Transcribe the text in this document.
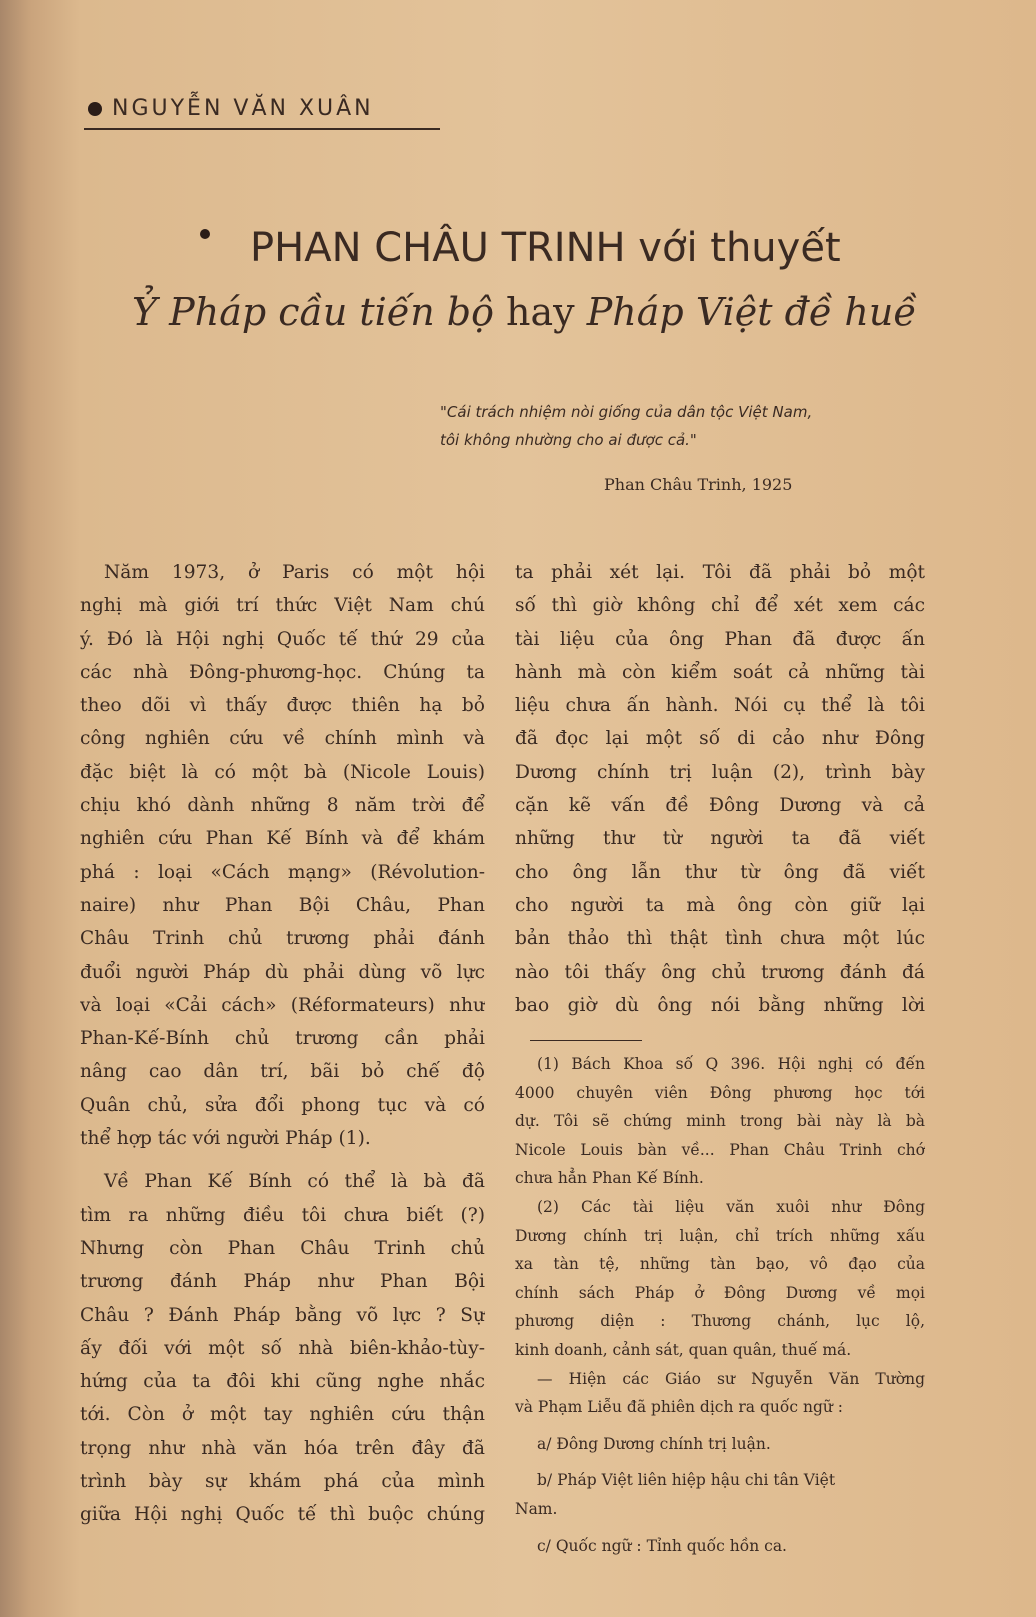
NGUYỄN VĂN XUÂN
PHAN CHÂU TRINH với thuyết
Ỷ Pháp cầu tiến bộ hay Pháp Việt đề huề
"Cái trách nhiệm nòi giống của dân tộc Việt Nam,
tôi không nhường cho ai được cả."
Phan Châu Trinh, 1925

Năm 1973, ở Paris có một hội
nghị mà giới trí thức Việt Nam chú
ý. Đó là Hội nghị Quốc tế thứ 29 của
các nhà Đông-phương-học. Chúng ta
theo dõi vì thấy được thiên hạ bỏ
công nghiên cứu về chính mình và
đặc biệt là có một bà (Nicole Louis)
chịu khó dành những 8 năm trời để
nghiên cứu Phan Kế Bính và để khám
phá : loại «Cách mạng» (Révolution-
naire) như Phan Bội Châu, Phan
Châu Trinh chủ trương phải đánh
đuổi người Pháp dù phải dùng võ lực
và loại «Cải cách» (Réformateurs) như
Phan-Kế-Bính chủ trương cần phải
nâng cao dân trí, bãi bỏ chế độ
Quân chủ, sửa đổi phong tục và có
thể hợp tác với người Pháp (1).

Về Phan Kế Bính có thể là bà đã
tìm ra những điều tôi chưa biết (?)
Nhưng còn Phan Châu Trinh chủ
trương đánh Pháp như Phan Bội
Châu ? Đánh Pháp bằng võ lực ? Sự
ấy đối với một số nhà biên-khảo-tùy-
hứng của ta đôi khi cũng nghe nhắc
tới. Còn ở một tay nghiên cứu thận
trọng như nhà văn hóa trên đây đã
trình bày sự khám phá của mình
giữa Hội nghị Quốc tế thì buộc chúng

ta phải xét lại. Tôi đã phải bỏ một
số thì giờ không chỉ để xét xem các
tài liệu của ông Phan đã được ấn
hành mà còn kiểm soát cả những tài
liệu chưa ấn hành. Nói cụ thể là tôi
đã đọc lại một số di cảo như Đông
Dương chính trị luận (2), trình bày
cặn kẽ vấn đề Đông Dương và cả
những thư từ người ta đã viết
cho ông lẫn thư từ ông đã viết
cho người ta mà ông còn giữ lại
bản thảo thì thật tình chưa một lúc
nào tôi thấy ông chủ trương đánh đá
bao giờ dù ông nói bằng những lời

(1) Bách Khoa số Q 396. Hội nghị có đến
4000 chuyên viên Đông phương học tới
dự. Tôi sẽ chứng minh trong bài này là bà
Nicole Louis bàn về... Phan Châu Trinh chớ
chưa hẳn Phan Kế Bính.
(2) Các tài liệu văn xuôi như Đông
Dương chính trị luận, chỉ trích những xấu
xa tàn tệ, những tàn bạo, vô đạo của
chính sách Pháp ở Đông Dương về mọi
phương diện : Thương chánh, lục lộ,
kinh doanh, cảnh sát, quan quân, thuế má.
— Hiện các Giáo sư Nguyễn Văn Tường
và Phạm Liễu đã phiên dịch ra quốc ngữ :
a/ Đông Dương chính trị luận.
b/ Pháp Việt liên hiệp hậu chi tân Việt
Nam.
c/ Quốc ngữ : Tỉnh quốc hồn ca.
